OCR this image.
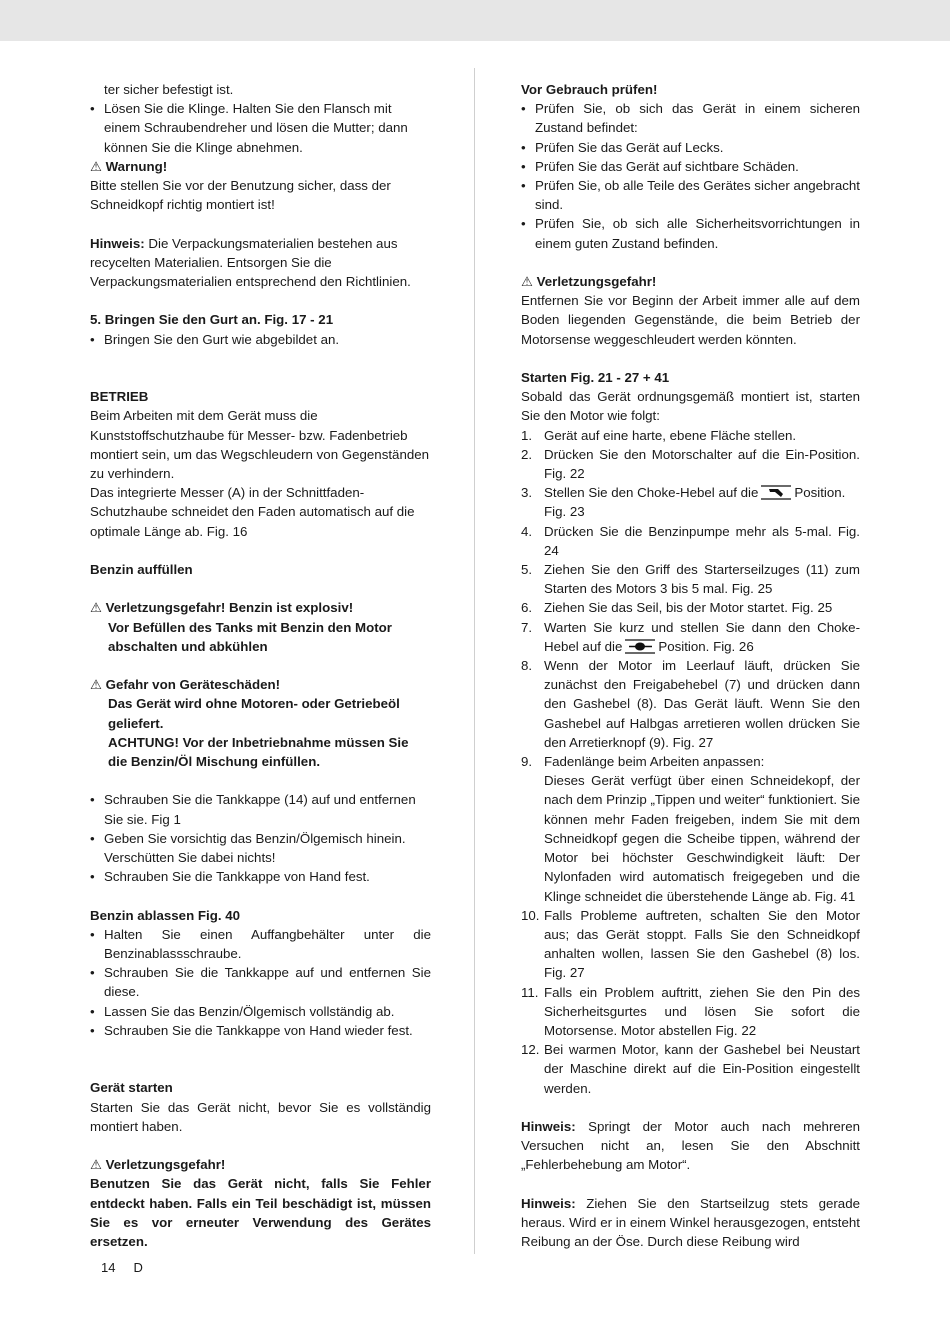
ter sicher befestigt ist.

• Lösen Sie die Klinge. Halten Sie den Flansch mit einem Schraubendreher und lösen die Mutter; dann können Sie die Klinge abnehmen.

⚠ Warnung!

Bitte stellen Sie vor der Benutzung sicher, dass der Schneidkopf richtig montiert ist!

Hinweis: Die Verpackungsmaterialien bestehen aus recycelten Materialien. Entsorgen Sie die Verpackungsmaterialien entsprechend den Richtlinien.

5. Bringen Sie den Gurt an. Fig. 17 - 21

• Bringen Sie den Gurt wie abgebildet an.

BETRIEB

Beim Arbeiten mit dem Gerät muss die Kunststoffschutzhaube für Messer- bzw. Fadenbetrieb montiert sein, um das Wegschleudern von Gegenständen zu verhindern.

Das integrierte Messer (A) in der Schnittfaden-Schutzhaube schneidet den Faden automatisch auf die optimale Länge ab. Fig. 16

Benzin auffüllen

⚠ Verletzungsgefahr! Benzin ist explosiv!

Vor Befüllen des Tanks mit Benzin den Motor abschalten und abkühlen

⚠ Gefahr von Geräteschäden!

Das Gerät wird ohne Motoren- oder Getriebeöl geliefert.

ACHTUNG! Vor der Inbetriebnahme müssen Sie die Benzin/Öl Mischung einfüllen.

• Schrauben Sie die Tankkappe (14) auf und entfernen Sie sie. Fig 1
• Geben Sie vorsichtig das Benzin/Ölgemisch hinein. Verschütten Sie dabei nichts!
• Schrauben Sie die Tankkappe von Hand fest.

Benzin ablassen Fig. 40

• Halten Sie einen Auffangbehälter unter die Benzinablassschraube.
• Schrauben Sie die Tankkappe auf und entfernen Sie diese.
• Lassen Sie das Benzin/Ölgemisch vollständig ab.
• Schrauben Sie die Tankkappe von Hand wieder fest.

Gerät starten

Starten Sie das Gerät nicht, bevor Sie es vollständig montiert haben.

⚠ Verletzungsgefahr!

Benutzen Sie das Gerät nicht, falls Sie Fehler entdeckt haben. Falls ein Teil beschädigt ist, müssen Sie es vor erneuter Verwendung des Gerätes ersetzen.

Vor Gebrauch prüfen!

• Prüfen Sie, ob sich das Gerät in einem sicheren Zustand befindet:
• Prüfen Sie das Gerät auf Lecks.
• Prüfen Sie das Gerät auf sichtbare Schäden.
• Prüfen Sie, ob alle Teile des Gerätes sicher angebracht sind.
• Prüfen Sie, ob sich alle Sicherheitsvorrichtungen in einem guten Zustand befinden.

⚠ Verletzungsgefahr!

Entfernen Sie vor Beginn der Arbeit immer alle auf dem Boden liegenden Gegenstände, die beim Betrieb der Motorsense weggeschleudert werden könnten.

Starten Fig. 21 - 27 + 41

Sobald das Gerät ordnungsgemäß montiert ist, starten Sie den Motor wie folgt:

1. Gerät auf eine harte, ebene Fläche stellen.
2. Drücken Sie den Motorschalter auf die Ein-Position. Fig. 22
3. Stellen Sie den Choke-Hebel auf die	Position. Fig. 23
4. Drücken Sie die Benzinpumpe mehr als 5-mal. Fig. 24
5. Ziehen Sie den Griff des Starterseilzuges (11) zum Starten des Motors 3 bis 5 mal. Fig. 25
6. Ziehen Sie das Seil, bis der Motor startet. Fig. 25
7. Warten Sie kurz und stellen Sie dann den Choke-Hebel auf die	Position. Fig. 26
8. Wenn der Motor im Leerlauf läuft, drücken Sie zunächst den Freigabehebel (7) und drücken dann den Gashebel (8). Das Gerät läuft. Wenn Sie den Gashebel auf Halbgas arretieren wollen drücken Sie den Arretierknopf (9). Fig. 27
9. Fadenlänge beim Arbeiten anpassen:
Dieses Gerät verfügt über einen Schneidekopf, der nach dem Prinzip „Tippen und weiter“ funktioniert. Sie können mehr Faden freigeben, indem Sie mit dem Schneidkopf gegen die Scheibe tippen, während der Motor bei höchster Geschwindigkeit läuft: Der Nylonfaden wird automatisch freigegeben und die Klinge schneidet die überstehende Länge ab. Fig. 41
10. Falls Probleme auftreten, schalten Sie den Motor aus; das Gerät stoppt. Falls Sie den Schneidkopf anhalten wollen, lassen Sie den Gashebel (8) los. Fig. 27
11. Falls ein Problem auftritt, ziehen Sie den Pin des Sicherheitsgurtes und lösen Sie sofort die Motorsense. Motor abstellen Fig. 22
12. Bei warmen Motor, kann der Gashebel bei Neustart der Maschine direkt auf die Ein-Position eingestellt werden.

Hinweis: Springt der Motor auch nach mehreren Versuchen nicht an, lesen Sie den Abschnitt „Fehlerbehebung am Motor“.

Hinweis: Ziehen Sie den Startseilzug stets gerade heraus. Wird er in einem Winkel herausgezogen, entsteht Reibung an der Öse. Durch diese Reibung wird

14 D
